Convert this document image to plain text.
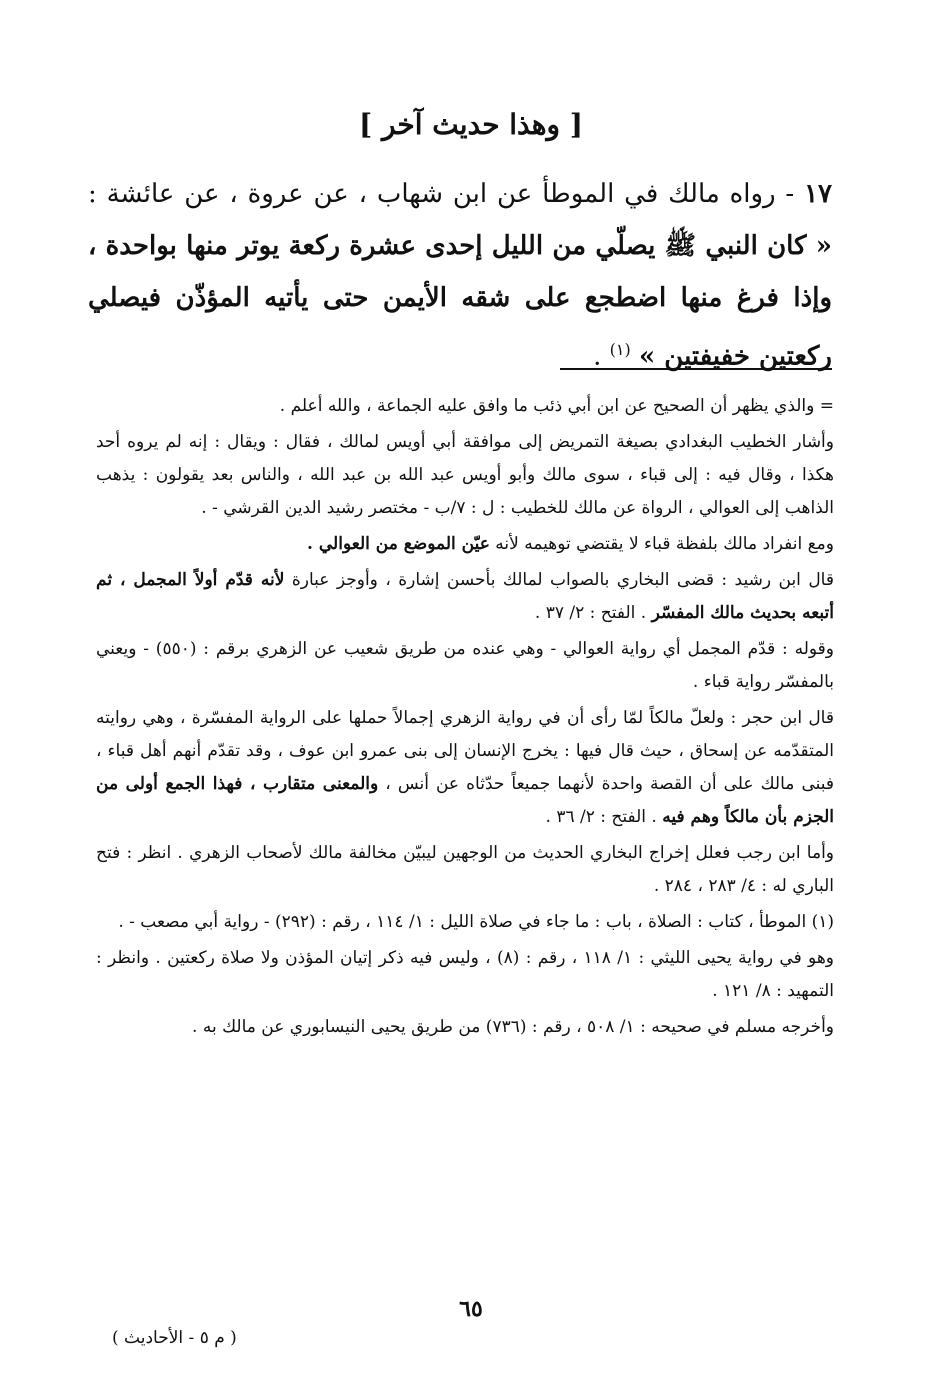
[ وهذا حديث آخر ]
١٧ - رواه مالك في الموطأ عن ابن شهاب ، عن عروة ، عن عائشة : « كان النبي ﷺ يصلّي من الليل إحدى عشرة ركعة يوتر منها بواحدة ، وإذا فرغ منها اضطجع على شقه الأيمن حتى يأتيه المؤذّن فيصلي ركعتين خفيفتين » $^{(١)}$ .

= والذي يظهر أن الصحيح عن ابن أبي ذئب ما وافق عليه الجماعة ، والله أعلم .

وأشار الخطيب البغدادي بصيغة التمريض إلى موافقة أبي أويس لمالك ، فقال : ويقال : إنه لم يروه أحد هكذا ، وقال فيه : إلى قباء ، سوى مالك وأبو أويس عبد الله بن عبد الله ، والناس بعد يقولون : يذهب الذاهب إلى العوالي ، الرواة عن مالك للخطيب : ل : ٧/ب - مختصر رشيد الدين القرشي - .

ومع انفراد مالك بلفظة قباء لا يقتضي توهيمه لأنه عيّن الموضع من العوالي .

قال ابن رشيد : قضى البخاري بالصواب لمالك بأحسن إشارة ، وأوجز عبارة لأنه قدّم أولاً المجمل ، ثم أتبعه بحديث مالك المفسّر . الفتح : ٢/ ٣٧ .

وقوله : قدّم المجمل أي رواية العوالي - وهي عنده من طريق شعيب عن الزهري برقم : (٥٥٠) - ويعني بالمفسّر رواية قباء .

قال ابن حجر : ولعلّ مالكاً لمّا رأى أن في رواية الزهري إجمالاً حملها على الرواية المفسّرة ، وهي روايته المتقدّمه عن إسحاق ، حيث قال فيها : يخرج الإنسان إلى بنى عمرو ابن عوف ، وقد تقدّم أنهم أهل قباء ، فبنى مالك على أن القصة واحدة لأنهما جميعاً حدّثاه عن أنس ، والمعنى متقارب ، فهذا الجمع أولى من الجزم بأن مالكاً وهم فيه . الفتح : ٢/ ٣٦ .

وأما ابن رجب فعلل إخراج البخاري الحديث من الوجهين ليبيّن مخالفة مالك لأصحاب الزهري . انظر : فتح الباري له : ٤/ ٢٨٣ ، ٢٨٤ .

(١) الموطأ ، كتاب : الصلاة ، باب : ما جاء في صلاة الليل : ١/ ١١٤ ، رقم : (٢٩٢) - رواية أبي مصعب - .

وهو في رواية يحيى الليثي : ١/ ١١٨ ، رقم : (٨) ، وليس فيه ذكر إتيان المؤذن ولا صلاة ركعتين . وانظر : التمهيد : ٨/ ١٢١ .

وأخرجه مسلم في صحيحه : ١/ ٥٠٨ ، رقم : (٧٣٦) من طريق يحيى النيسابوري عن مالك به .

٦٥
( م ٥ - الأحاديث )
